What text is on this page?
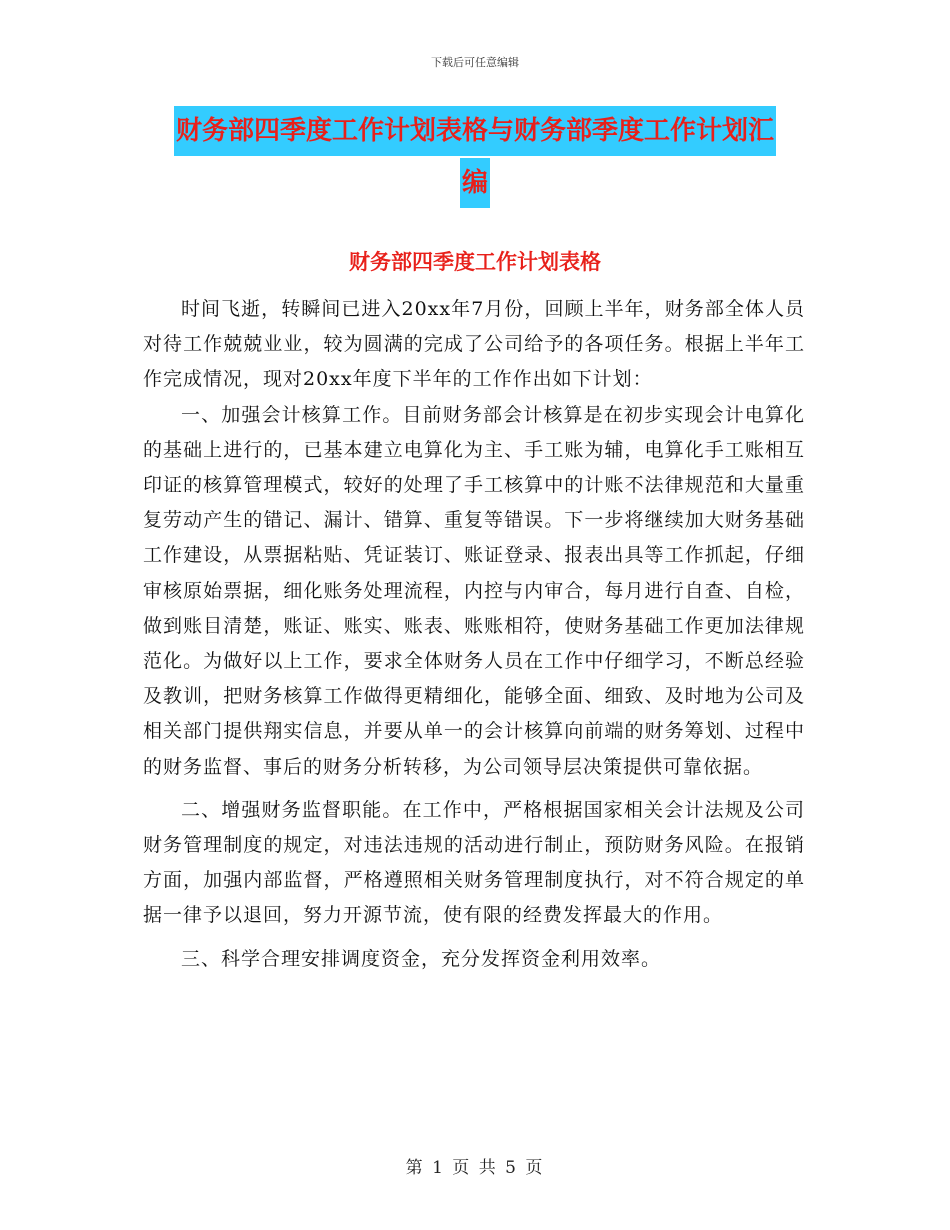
下载后可任意编辑
财务部四季度工作计划表格与财务部季度工作计划汇
编
财务部四季度工作计划表格

时间飞逝，转瞬间已进入20xx年7月份，回顾上半年，财务部全体人员对待工作兢兢业业，较为圆满的完成了公司给予的各项任务。根据上半年工作完成情况，现对20xx年度下半年的工作作出如下计划：

一、加强会计核算工作。目前财务部会计核算是在初步实现会计电算化的基础上进行的，已基本建立电算化为主、手工账为辅，电算化手工账相互印证的核算管理模式，较好的处理了手工核算中的计账不法律规范和大量重复劳动产生的错记、漏计、错算、重复等错误。下一步将继续加大财务基础工作建设，从票据粘贴、凭证装订、账证登录、报表出具等工作抓起，仔细审核原始票据，细化账务处理流程，内控与内审合，每月进行自查、自检，做到账目清楚，账证、账实、账表、账账相符，使财务基础工作更加法律规范化。为做好以上工作，要求全体财务人员在工作中仔细学习，不断总经验及教训，把财务核算工作做得更精细化，能够全面、细致、及时地为公司及相关部门提供翔实信息，并要从单一的会计核算向前端的财务筹划、过程中的财务监督、事后的财务分析转移，为公司领导层决策提供可靠依据。

二、增强财务监督职能。在工作中，严格根据国家相关会计法规及公司财务管理制度的规定，对违法违规的活动进行制止，预防财务风险。在报销方面，加强内部监督，严格遵照相关财务管理制度执行，对不符合规定的单据一律予以退回，努力开源节流，使有限的经费发挥最大的作用。

三、科学合理安排调度资金，充分发挥资金利用效率。

第 1 页 共 5 页
